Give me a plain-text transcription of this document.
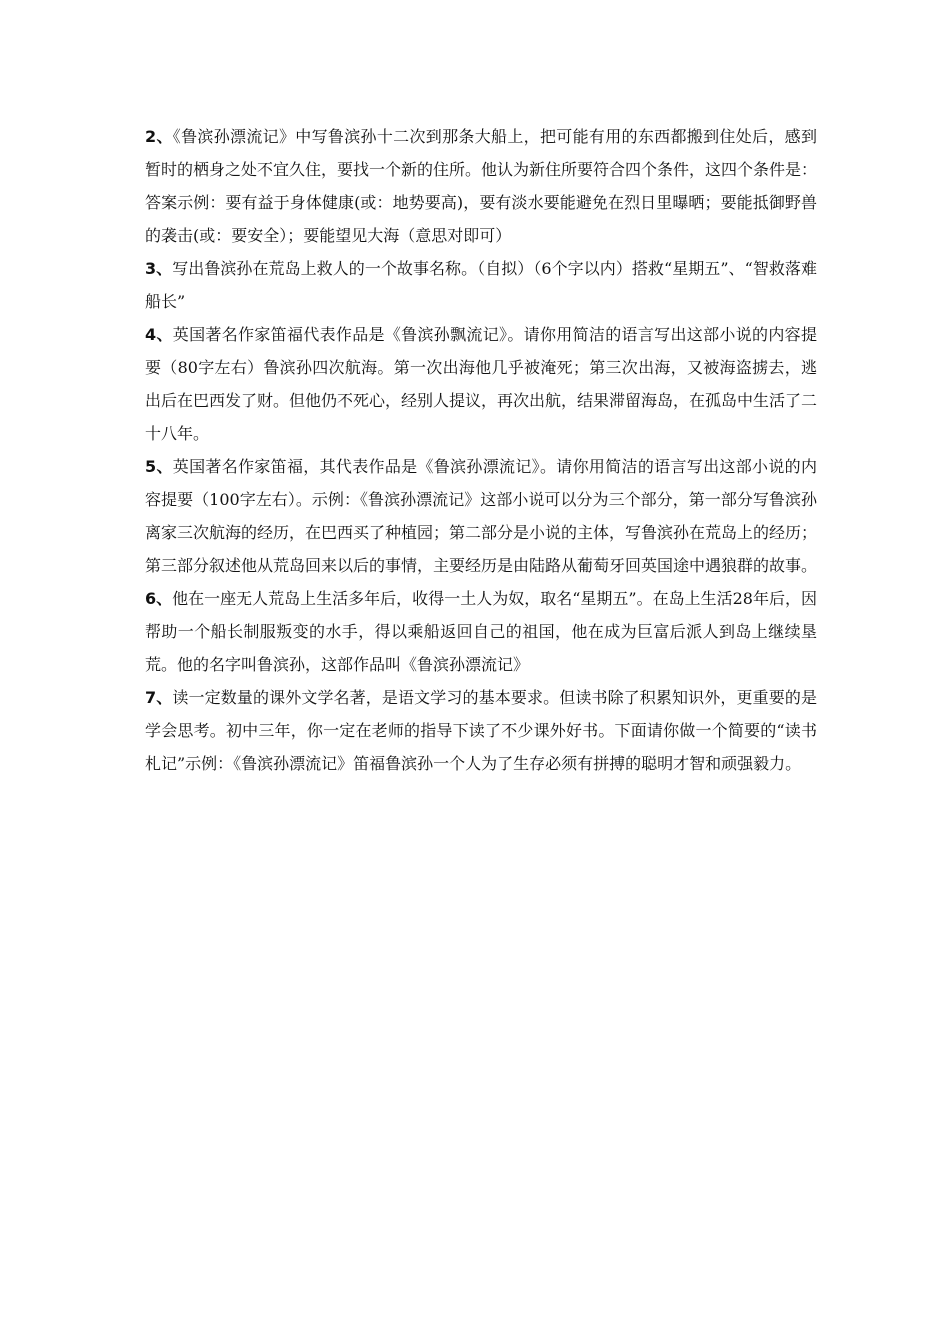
2、《鲁滨孙漂流记》中写鲁滨孙十二次到那条大船上，把可能有用的东西都搬到住处后，感到暂时的栖身之处不宜久住，要找一个新的住所。他认为新住所要符合四个条件，这四个条件是：答案示例：要有益于身体健康(或：地势要高)，要有淡水要能避免在烈日里曝晒；要能抵御野兽的袭击(或：要安全）；要能望见大海（意思对即可）

3、写出鲁滨孙在荒岛上救人的一个故事名称。（自拟）（6个字以内）搭救“星期五”、“智救落难船长”

4、英国著名作家笛福代表作品是《鲁滨孙飘流记》。请你用简洁的语言写出这部小说的内容提要（80字左右）鲁滨孙四次航海。第一次出海他几乎被淹死；第三次出海，又被海盗掳去，逃出后在巴西发了财。但他仍不死心，经别人提议，再次出航，结果滞留海岛，在孤岛中生活了二十八年。

5、英国著名作家笛福，其代表作品是《鲁滨孙漂流记》。请你用简洁的语言写出这部小说的内容提要（100字左右）。示例：《鲁滨孙漂流记》这部小说可以分为三个部分，第一部分写鲁滨孙离家三次航海的经历，在巴西买了种植园；第二部分是小说的主体，写鲁滨孙在荒岛上的经历；第三部分叙述他从荒岛回来以后的事情，主要经历是由陆路从葡萄牙回英国途中遇狼群的故事。

6、他在一座无人荒岛上生活多年后，收得一土人为奴，取名“星期五”。在岛上生活28年后，因帮助一个船长制服叛变的水手，得以乘船返回自己的祖国，他在成为巨富后派人到岛上继续垦荒。他的名字叫鲁滨孙，这部作品叫《鲁滨孙漂流记》

7、读一定数量的课外文学名著，是语文学习的基本要求。但读书除了积累知识外，更重要的是学会思考。初中三年，你一定在老师的指导下读了不少课外好书。下面请你做一个简要的“读书札记”示例：《鲁滨孙漂流记》笛福鲁滨孙一个人为了生存必须有拼搏的聪明才智和顽强毅力。
